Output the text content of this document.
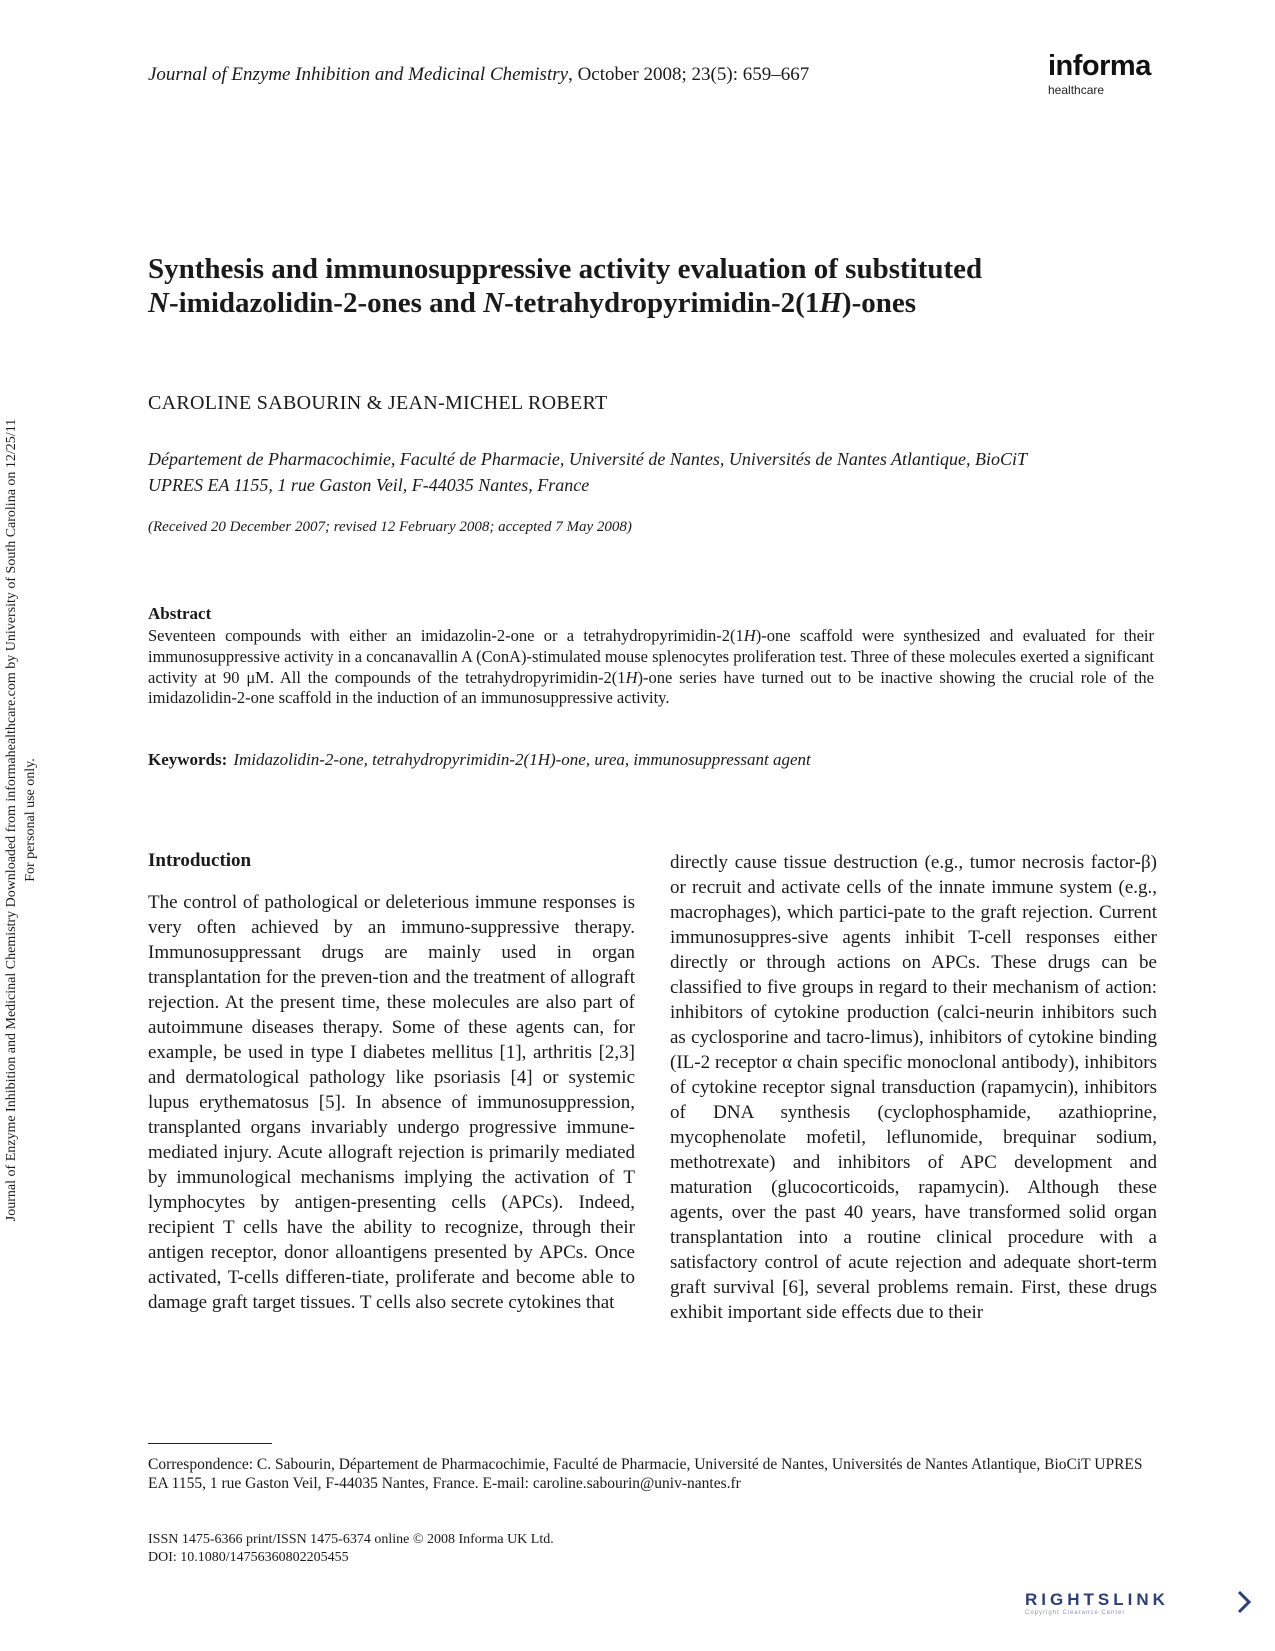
Journal of Enzyme Inhibition and Medicinal Chemistry, October 2008; 23(5): 659–667	informa
healthcare
Journal of Enzyme Inhibition and Medicinal Chemistry Downloaded from informahealthcare.com by University of South Carolina on 12/25/11 For personal use only.
Synthesis and immunosuppressive activity evaluation of substituted
N-imidazolidin-2-ones and N-tetrahydropyrimidin-2(1H)-ones
CAROLINE SABOURIN & JEAN-MICHEL ROBERT
Département de Pharmacochimie, Faculté de Pharmacie, Université de Nantes, Universités de Nantes Atlantique, BioCiT
UPRES EA 1155, 1 rue Gaston Veil, F-44035 Nantes, France
(Received 20 December 2007; revised 12 February 2008; accepted 7 May 2008)
Abstract
Seventeen compounds with either an imidazolin-2-one or a tetrahydropyrimidin-2(1H)-one scaffold were synthesized and evaluated for their immunosuppressive activity in a concanavallin A (ConA)-stimulated mouse splenocytes proliferation test. Three of these molecules exerted a significant activity at 90 μM. All the compounds of the tetrahydropyrimidin-2(1H)-one series have turned out to be inactive showing the crucial role of the imidazolidin-2-one scaffold in the induction of an immunosuppressive activity.
Keywords: Imidazolidin-2-one, tetrahydropyrimidin-2(1H)-one, urea, immunosuppressant agent
Introduction
The control of pathological or deleterious immune responses is very often achieved by an immuno-suppressive therapy. Immunosuppressant drugs are mainly used in organ transplantation for the preven-tion and the treatment of allograft rejection. At the present time, these molecules are also part of autoimmune diseases therapy. Some of these agents can, for example, be used in type I diabetes mellitus [1], arthritis [2,3] and dermatological pathology like psoriasis [4] or systemic lupus erythematosus [5]. In absence of immunosuppression, transplanted organs invariably undergo progressive immune-mediated injury. Acute allograft rejection is primarily mediated by immunological mechanisms implying the activation of T lymphocytes by antigen-presenting cells (APCs). Indeed, recipient T cells have the ability to recognize, through their antigen receptor, donor alloantigens presented by APCs. Once activated, T-cells differen-tiate, proliferate and become able to damage graft target tissues. T cells also secrete cytokines that
directly cause tissue destruction (e.g., tumor necrosis factor-β) or recruit and activate cells of the innate immune system (e.g., macrophages), which partici-pate to the graft rejection. Current immunosuppres-sive agents inhibit T-cell responses either directly or through actions on APCs. These drugs can be classified to five groups in regard to their mechanism of action: inhibitors of cytokine production (calci-neurin inhibitors such as cyclosporine and tacro-limus), inhibitors of cytokine binding (IL-2 receptor α chain specific monoclonal antibody), inhibitors of cytokine receptor signal transduction (rapamycin), inhibitors of DNA synthesis (cyclophosphamide, azathioprine, mycophenolate mofetil, leflunomide, brequinar sodium, methotrexate) and inhibitors of APC development and maturation (glucocorticoids, rapamycin). Although these agents, over the past 40 years, have transformed solid organ transplantation into a routine clinical procedure with a satisfactory control of acute rejection and adequate short-term graft survival [6], several problems remain. First, these drugs exhibit important side effects due to their
Correspondence: C. Sabourin, Département de Pharmacochimie, Faculté de Pharmacie, Université de Nantes, Universités de Nantes Atlantique, BioCiT UPRES EA 1155, 1 rue Gaston Veil, F-44035 Nantes, France. E-mail: caroline.sabourin@univ-nantes.fr
ISSN 1475-6366 print/ISSN 1475-6374 online © 2008 Informa UK Ltd.
DOI: 10.1080/14756360802205455
RIGHTSLINK
Copyright Clearance Center
